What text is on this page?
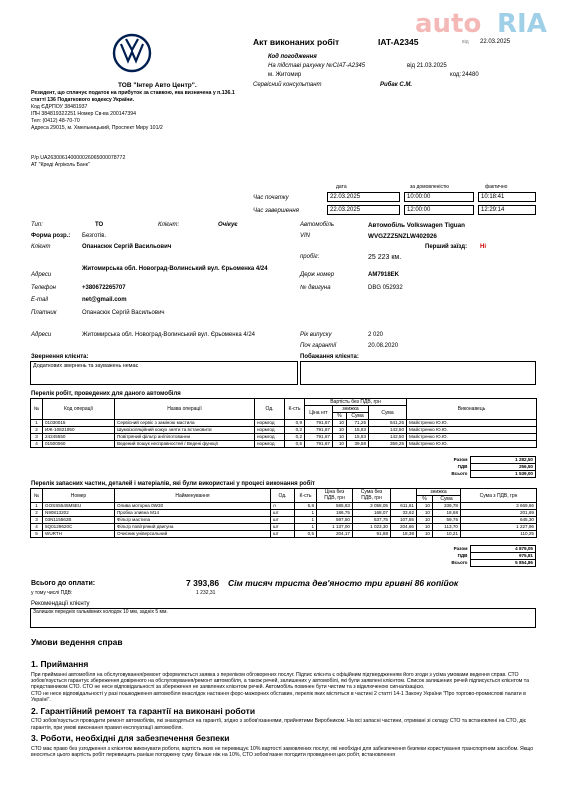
auto RIA
Акт виконаних робіт	IAT-A2345	від 22.03.2025
Код погодження
На підставі рахунку №СІАТ-А2345	від 21.03.2025
м. Житомир	код: 24480
ТОВ "Інтер Авто Центр".	Сервісний консультант	Рибак С.М.
Резидент, що сплачує податок на прибуток за ставкою, яка визначена у п.136.1
статті 136 Податкового кодексу України.
Код ЄДРПОУ 38481937
ІПН 384819322251 Номер Св-ва 200147394
Тел: (0412) 48-70-70
Адреса 29015, м. Хмельницький, Проспект Миру 101/2
Р/р UA263006140000026065000078772
АТ "Креді Агріколь Банк"
дата	за домовленістю	фактично
Час початку	22.03.2025	10:00:00	10:18:41
Час завершення	22.03.2025	12:00:00	12:29:14
Тип:	ТО	Клієнт:	Очікує	Автомобіль	Автомобіль Volkswagen Tiguan
Форма розр.: Безготів.	VIN	WVGZZZ5NZLW402926
Клієнт	Опанасюк Сергій Васильович	Перший заїзд: Ні
пробіг:	25 223 км.
Адреси
Житомирська обл. Новоград-Волинський вул. Єрьоменка 4/24
Держ номер	AM7918EK
Телефон	+380672265707	№ двигуна	DBG 052932
E-mail	net@gmail.com
Платник	Опанасюк Сергій Васильович
Адреси	Житомирська обл. Новоград-Волинський вул. Єрьоменка 4/24	Рік випуску	2 020
Поч гарантії	20.08.2020
Звернення клієнта:
Додаткових звернень та зауважень немає
Побажання клієнта:
Перелік робіт, проведених для даного автомобіля
№	Код операції	Назва операції	Од.	К-сть	Вартість без ПДВ, грн				Виконавець
					Ціна нгт	знижка		Сума	
						%	Сума		
1	01030015	Сервісний сервіс з заміною мастила	нормгод	0,9	791,67	10	71,25	641,25	Майстренко Ю.Ю.
2	ИЖ-10821950	Шумоізоляційний кожух зняти та встановити	нормгод	0,2	791,67	10	15,83	142,50	Майстренко Ю.Ю.
3	24245550	Повітряний фільтр ан/пілотованни	нормгод	0,2	791,67	10	15,83	142,50	Майстренко Ю.Ю.
4	01500060	Ведений пошук несправностей / Ведені функції	нормгод	0,5	791,67	10	39,58	356,25	Майстренко Ю.Ю.
Разом	1 282,50
ПДВ	256,50
Всього	1 539,00
Перелік запасних частин, деталей і матеріалів, які були використані у процесі виконання робіт
№	Номер	Найменування	Од.	К-сть	Ціна без ПДВ, грн	Сума без ПДВ, грн		знижка		Сума з ПДВ, грн
								%	Сума	
1	GOSS5545M5EU	Олива моторна 0W30	л	5,8	585,83	3 058,05	611,61	10	339,78	3 669,66
2	N90813202	Пробка зливна М14	шт	1	186,75	168,07	33,62	10	18,68	201,69
3	03N115562B	Фільтр мастила	шт	1	597,50	537,75	107,55	10	59,75	645,30
4	5Q0129620C	Фільтр повітряний двигуна	шт	1	1 137,00	1 023,30	204,66	10	113,70	1 227,96
5	WURTH	Очисник універсальний	шт	0,5	204,17	91,88	18,38	10	10,21	110,25
Разом	4 879,05
ПДВ	975,81
Всього	5 854,86
Всього до оплати:	7 393,86 Сім тисяч триста дев'яносто три гривні 86 копійок
у тому числі ПДВ:	1 232,31
Рекомендації клієнту
Залишок передніх гальмівних колодок 10 мм, задніх 5 мм.
Умови ведення справ
1. Приймання

При прийманні автомобіля на обслуговування/ремонт оформляється заявка з переліком обговорених послуг. Підпис клієнта є офіційним підтвердженням його згоди з усіма умовами ведення справ. СТО зобов'язується гарантує збереження довіреного на обслуговування/ремонт автомобіля, а також речей, залишених у автомобілі, які були заявлені клієнтом. Список залишених речей підписується клієнтом та представником СТО. СТО не несе відповідальності за збереження не заявлених клієнтом речей. Автомобіль повинен бути чистим та з відключеною сигналізацією.

СТО не несе відповідальності у разі пошкодження автомобіля внаслідок настання форс-мажорних обставин, перелік яких міститься в частині 2 статті 14-1 Закону України "Про торгово-промислові палати в Україні".

2. Гарантійний ремонт та гарантії на виконані роботи

СТО зобов'язується проводити ремонт автомобілів, які знаходяться на гарантії, згідно з зобов'язаннями, прийнятими Виробником. На всі запасні частини, отримані зі складу СТО та встановлені на СТО, діє гарантія, при умові виконання правил експлуатації автомобіля.

3. Роботи, необхідні для забезпечення безпеки

СТО має право без узгодження з клієнтом виконувати роботи, вартість яких не перевищує 10% вартості замовлених послуг, які необхідні для забезпечення безпеки користування транспортним засобом. Якщо вносяться цього вартість робіт перевищить раніше погоджену суму більше ніж на 10%, СТО зобов'язане погодити проведення цих робіт, встановлення
